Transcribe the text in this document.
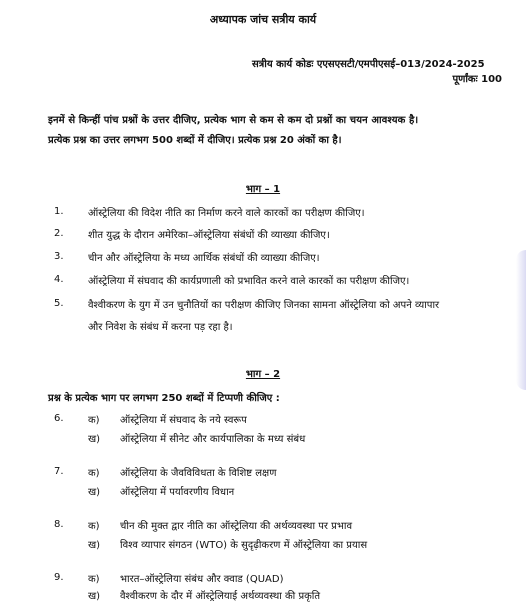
अध्यापक जांच सत्रीय कार्य
सत्रीय कार्य कोडः एएसएसटी/एमपीएसई–013/2024-2025
पूर्णांकः 100
इनमें से किन्हीं पांच प्रश्नों के उत्तर दीजिए, प्रत्येक भाग से कम से कम दो प्रश्नों का चयन आवश्यक है।
प्रत्येक प्रश्न का उत्तर लगभग 500 शब्दों में दीजिए। प्रत्येक प्रश्न 20 अंकों का है।
भाग – 1
1. ऑस्ट्रेलिया की विदेश नीति का निर्माण करने वाले कारकों का परीक्षण कीजिए।
2. शीत युद्ध के दौरान अमेरिका–ऑस्ट्रेलिया संबंधों की व्याख्या कीजिए।
3. चीन और ऑस्ट्रेलिया के मध्य आर्थिक संबंधों की व्याख्या कीजिए।
4. ऑस्ट्रेलिया में संघवाद की कार्यप्रणाली को प्रभावित करने वाले कारकों का परीक्षण कीजिए।
5. वैश्वीकरण के युग में उन चुनौतियों का परीक्षण कीजिए जिनका सामना ऑस्ट्रेलिया को अपने व्यापार
और निवेश के संबंध में करना पड़ रहा है।
भाग – 2
प्रश्न के प्रत्येक भाग पर लगभग 250 शब्दों में टिप्पणी कीजिए :
6. क) ऑस्ट्रेलिया में संघवाद के नये स्वरूप
ख) ऑस्ट्रेलिया में सीनेट और कार्यपालिका के मध्य संबंध
7. क) ऑस्ट्रेलिया के जैवविविधता के विशिष्ट लक्षण
ख) ऑस्ट्रेलिया में पर्यावरणीय विधान
8. क) चीन की मुक्त द्वार नीति का ऑस्ट्रेलिया की अर्थव्यवस्था पर प्रभाव
ख) विश्व व्यापार संगठन (WTO) के सुदृढ़ीकरण में ऑस्ट्रेलिया का प्रयास
9. क) भारत–ऑस्ट्रेलिया संबंध और क्वाड (QUAD)
ख) वैश्वीकरण के दौर में ऑस्ट्रेलियाई अर्थव्यवस्था की प्रकृति
